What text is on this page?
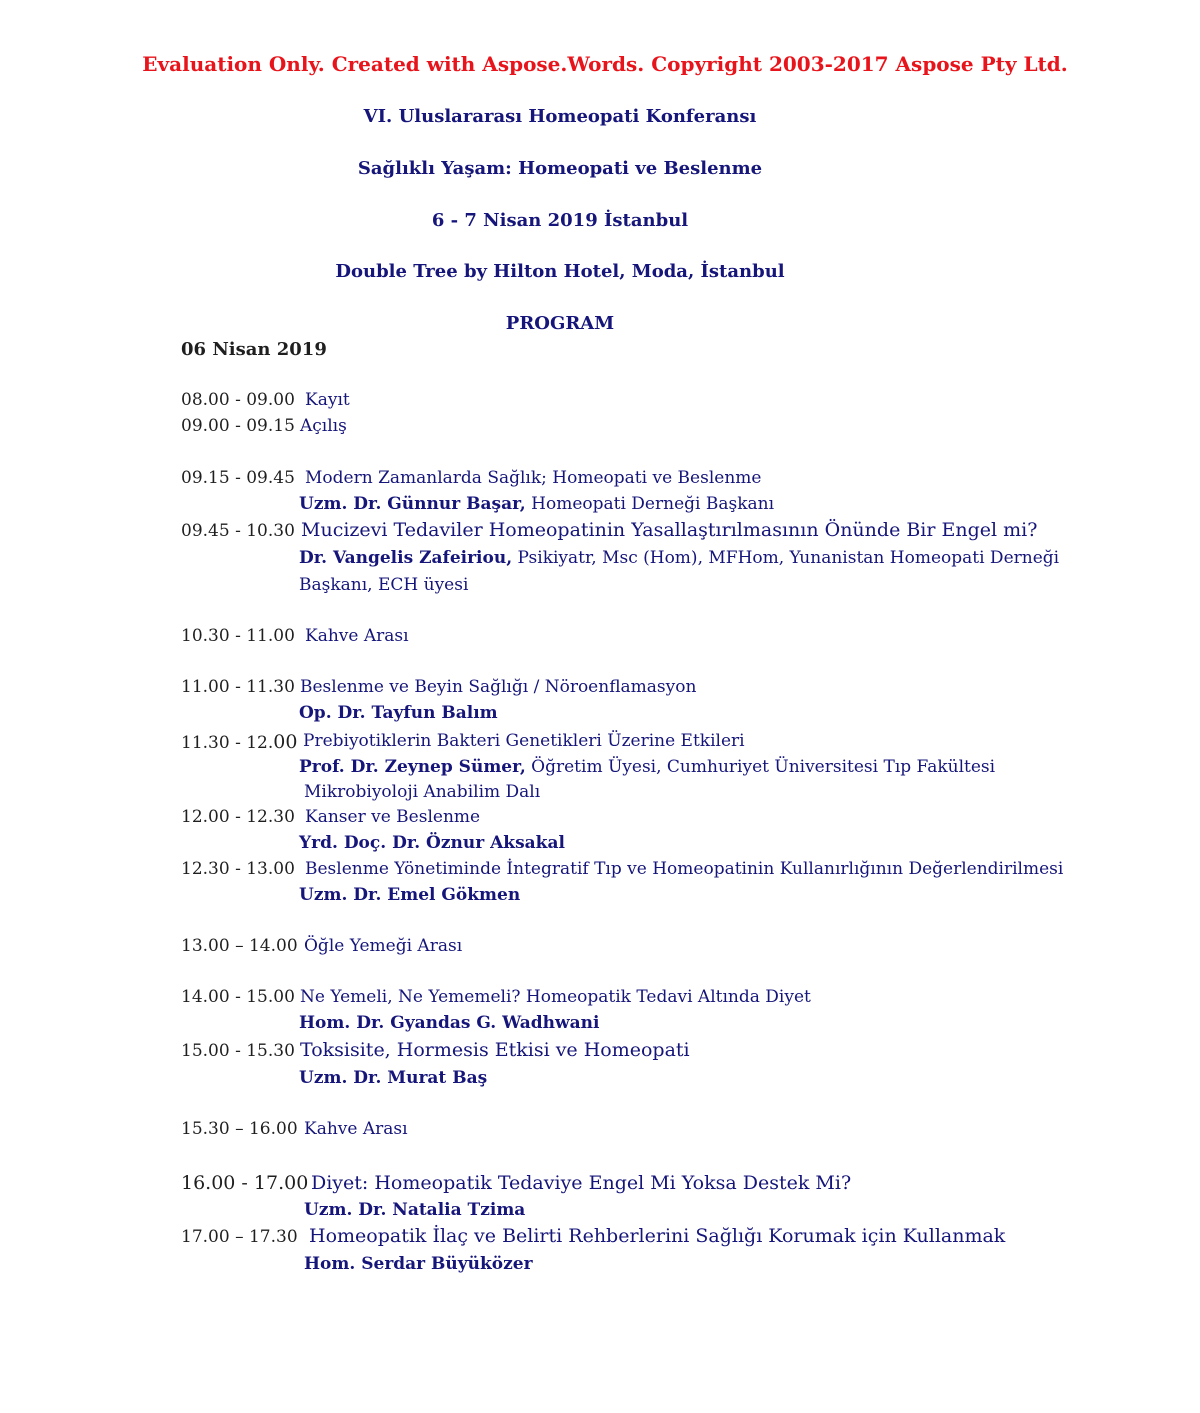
Evaluation Only. Created with Aspose.Words. Copyright 2003-2017 Aspose Pty Ltd.
VI. Uluslararası Homeopati Konferansı
Sağlıklı Yaşam: Homeopati ve Beslenme
6 - 7 Nisan 2019 İstanbul
Double Tree by Hilton Hotel, Moda, İstanbul
PROGRAM
06 Nisan 2019
08.00 - 09.00 Kayıt
09.00 - 09.15 Açılış
09.15 - 09.45 Modern Zamanlarda Sağlık; Homeopati ve Beslenme
Uzm. Dr. Günnur Başar, Homeopati Derneği Başkanı
09.45 - 10.30 Mucizevi Tedaviler Homeopatinin Yasallaştırılmasının Önünde Bir Engel mi?
Dr. Vangelis Zafeiriou, Psikiyatr, Msc (Hom), MFHom, Yunanistan Homeopati Derneği
Başkanı, ECH üyesi
10.30 - 11.00 Kahve Arası
11.00 - 11.30 Beslenme ve Beyin Sağlığı / Nöroenflamasyon
Op. Dr. Tayfun Balım
11.30 - 12.00 Prebiyotiklerin Bakteri Genetikleri Üzerine Etkileri
Prof. Dr. Zeynep Sümer, Öğretim Üyesi, Cumhuriyet Üniversitesi Tıp Fakültesi
Mikrobiyoloji Anabilim Dalı
12.00 - 12.30 Kanser ve Beslenme
Yrd. Doç. Dr. Öznur Aksakal
12.30 - 13.00 Beslenme Yönetiminde İntegratif Tıp ve Homeopatinin Kullanırlığının Değerlendirilmesi
Uzm. Dr. Emel Gökmen
13.00 – 14.00 Öğle Yemeği Arası
14.00 - 15.00 Ne Yemeli, Ne Yememeli? Homeopatik Tedavi Altında Diyet
Hom. Dr. Gyandas G. Wadhwani
15.00 - 15.30 Toksisite, Hormesis Etkisi ve Homeopati
Uzm. Dr. Murat Baş
15.30 – 16.00 Kahve Arası
16.00 - 17.00 Diyet: Homeopatik Tedaviye Engel Mi Yoksa Destek Mi?
Uzm. Dr. Natalia Tzima
17.00 – 17.30 Homeopatik İlaç ve Belirti Rehberlerini Sağlığı Korumak için Kullanmak
Hom. Serdar Büyüközer
